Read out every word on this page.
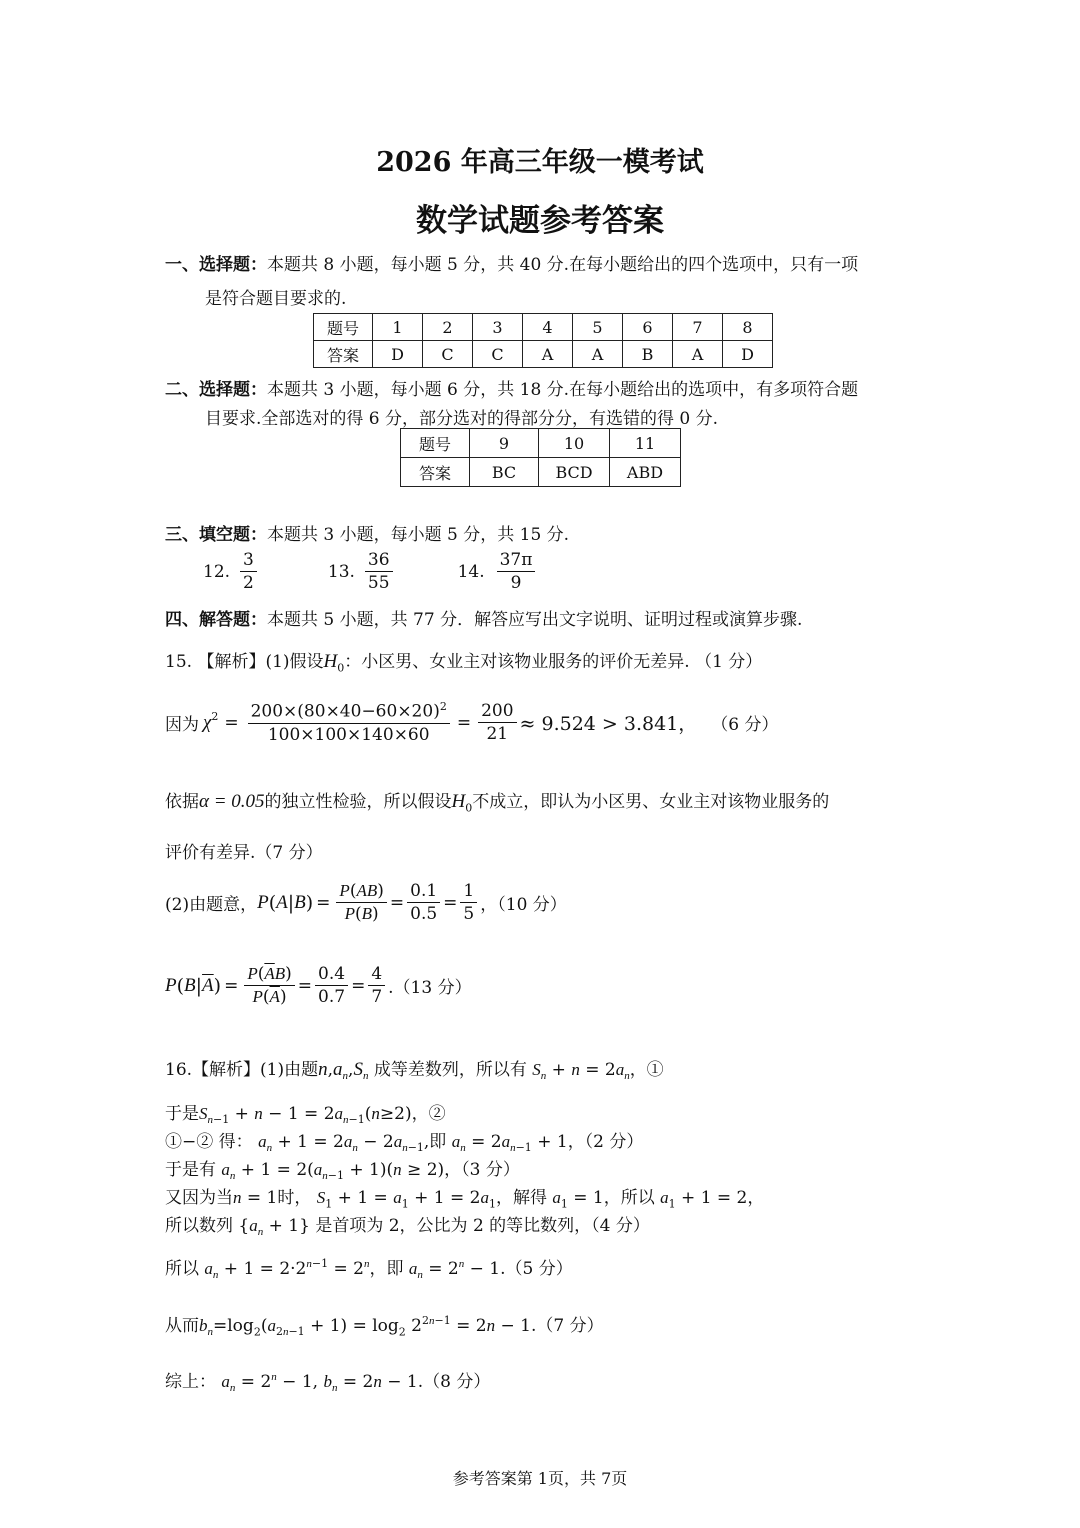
2026 年高三年级一模考试
数学试题参考答案
一、选择题：本题共 8 小题，每小题 5 分，共 40 分.在每小题给出的四个选项中，只有一项
是符合题目要求的.
题号	1	2	3	4	5	6	7	8
答案	D	C	C	A	A	B	A	D
二、选择题：本题共 3 小题，每小题 6 分，共 18 分.在每小题给出的选项中，有多项符合题
目要求.全部选对的得 6 分，部分选对的得部分分，有选错的得 0 分.
题号	9	10	11
答案	BC	BCD	ABD
三、填空题：本题共 3 小题，每小题 5 分，共 15 分.
12. $\frac{3}{2}$	13. $\frac{36}{55}$	14. $\frac{37\pi}{9}$
四、解答题：本题共 5 小题，共 77 分．解答应写出文字说明、证明过程或演算步骤.
15. 【解析】(1)假设$H_0$：小区男、女业主对该物业服务的评价无差异. （1 分）
因为 $\chi^2 = \frac{200\times(80\times 40-60\times 20)^2}{100\times 100\times 140\times 60} = \frac{200}{21} \approx 9.524 > 3.841$， （6 分）
依据α = 0.05的独立性检验，所以假设$H_0$不成立，即认为小区男、女业主对该物业服务的
评价有差异.（7 分）
(2)由题意， P ( A | B ) = $\frac{P(AB)}{P(B)} = \frac{0.1}{0.5} = \frac{1}{5}$ ，（10 分）
P ( B | $\overline{A}$ ) = $\frac{P(\overline{A}B)}{P(\overline{A})} = \frac{0.4}{0.7} = \frac{4}{7} .(13$ 分）
16.【解析】(1)由题$n,a_n,S_n$ 成等差数列，所以有 $S_n + n = 2a_n$，①
于是$S_{n-1} + n - 1 = 2a_{n-1}(n\ge 2)$，②
①−② 得： $a_n + 1 = 2a_n - 2a_{n-1}$,即 $a_n = 2a_{n-1} + 1$，（2 分）
于是有 $a_n + 1 = 2(a_{n-1} + 1)(n \ge 2)$，（3 分）
又因为当n = 1时， $S_1 + 1 = a_1 + 1 = 2a_1$，解得 $a_1 = 1$，所以 $a_1 + 1 = 2$，
所以数列 $\{a_n + 1\}$ 是首项为 2，公比为 2 的等比数列，（4 分）
所以 $a_n + 1 = 2\cdot 2^{n-1} = 2^n$，即 $a_n = 2^n - 1.(5$ 分）
从而$b_n=\log_2(a_{2n-1} + 1) = \log_2 2^{2n-1} = 2n - 1.(7$ 分）
综上： $a_n = 2^n - 1$, $b_n = 2n - 1.(8$ 分）
参考答案第 1页，共 7页
